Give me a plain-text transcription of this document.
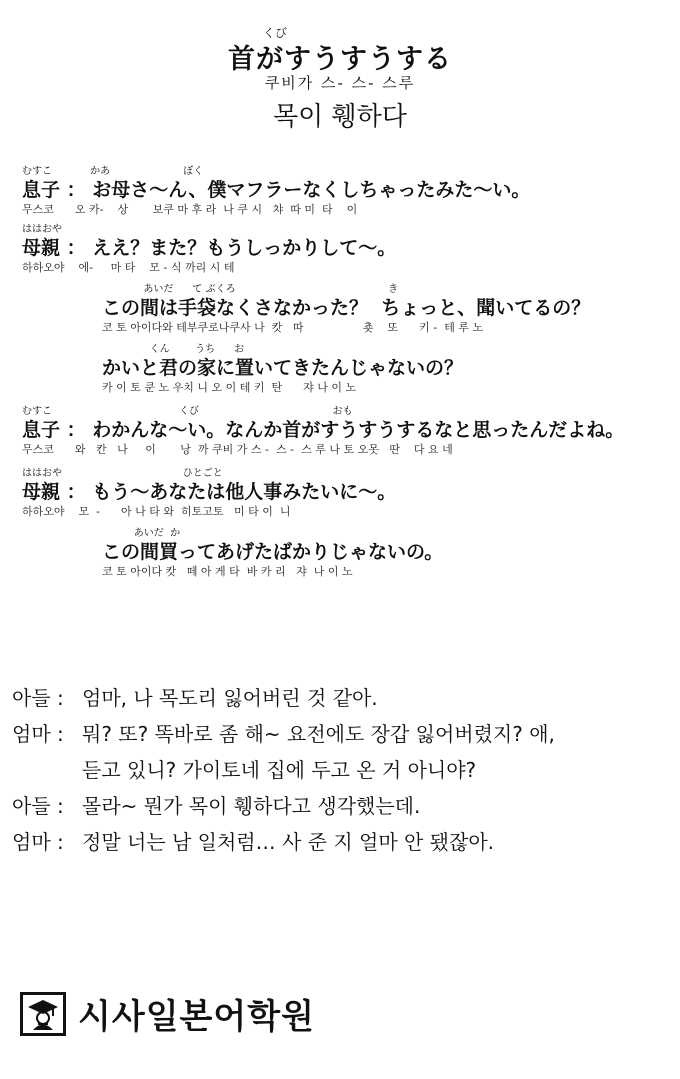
くび
首がすうすうする
쿠비가 스- 스- 스루
목이 휑하다
むすこ            かあ                       ぼく
息子 ： お母さ～ん、僕マフラーなくしちゃったみた～い。
무스코      오 카-    상       보쿠 마 후 라  나 쿠 시   챠  따 미  타    이
ははおや
母親 ： ええ？また？もうしっかりして～。
하하오야    에-     마 타    모 - 식 까리 시 테
あいだ      て ぶくろ                                                き
この間は手袋なくさなかった？  ちょっと、聞いてるの？
코 토 아이다와 테부쿠로나쿠사 나  캇   따                 춋    또      키 -  테 루 노
くん        うち      お
かいと君の家に置いてきたんじゃないの？
카 이 토 쿤 노 우치 니 오 이 테 키  탄      쟈 나 이 노
むすこ                                        くび                                          おも
息子 ： わかんな～い。なんか首がすうすうするなと思ったんだよね。
무스코      와   칸   나     이       낭  까 쿠비 가 스 -  스 -  스 루 나 토 오못   딴    다 요 네
ははおや                                      ひとごと
母親 ： もう～あなたは他人事みたいに～。
하하오야    모  -      아 나 타 와  히토고토   미 타 이  니
あいだ  か
この間買ってあげたばかりじゃないの。
코 토 아이다 캇   떼 아 게 타  바 카 리   쟈  나 이 노
아들 : 엄마, 나 목도리 잃어버린 것 같아.
엄마 : 뭐? 또? 똑바로 좀 해~ 요전에도 장갑 잃어버렸지? 애,
듣고 있니? 가이토네 집에 두고 온 거 아니야?
아들 : 몰라~ 뭔가 목이 휑하다고 생각했는데.
엄마 : 정말 너는 남 일처럼… 사 준 지 얼마 안 됐잖아.
시사일본어학원
